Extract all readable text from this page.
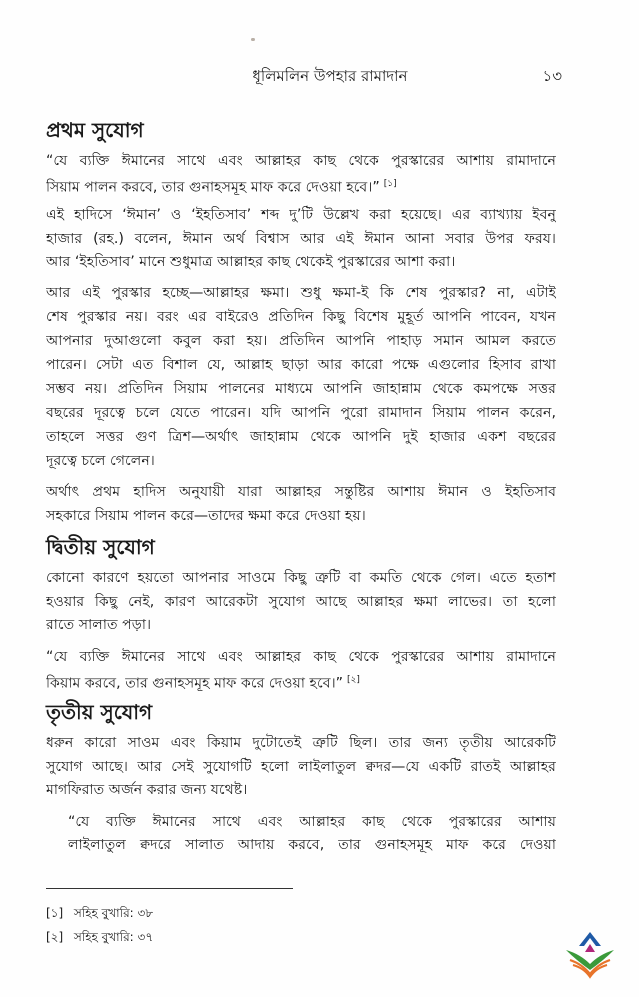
ধূলিমলিন উপহার রামাদান	১৩
প্রথম সুযোগ
“যে ব্যক্তি ঈমানের সাথে এবং আল্লাহর কাছ থেকে পুরস্কারের আশায় রামাদানে
সিয়াম পালন করবে, তার গুনাহসমূহ মাফ করে দেওয়া হবে।” [১]
এই হাদিসে ‘ঈমান’ ও ‘ইহতিসাব’ শব্দ দু’টি উল্লেখ করা হয়েছে। এর ব্যাখ্যায় ইবনু
হাজার (রহ.) বলেন, ঈমান অর্থ বিশ্বাস আর এই ঈমান আনা সবার উপর ফরয।
আর ‘ইহতিসাব’ মানে শুধুমাত্র আল্লাহর কাছ থেকেই পুরস্কারের আশা করা।
আর এই পুরস্কার হচ্ছে—আল্লাহর ক্ষমা। শুধু ক্ষমা-ই কি শেষ পুরস্কার? না, এটাই
শেষ পুরস্কার নয়। বরং এর বাইরেও প্রতিদিন কিছু বিশেষ মুহূর্ত আপনি পাবেন, যখন
আপনার দুআগুলো কবুল করা হয়। প্রতিদিন আপনি পাহাড় সমান আমল করতে
পারেন। সেটা এত বিশাল যে, আল্লাহ ছাড়া আর কারো পক্ষে এগুলোর হিসাব রাখা
সম্ভব নয়। প্রতিদিন সিয়াম পালনের মাধ্যমে আপনি জাহান্নাম থেকে কমপক্ষে সত্তর
বছরের দূরত্বে চলে যেতে পারেন। যদি আপনি পুরো রামাদান সিয়াম পালন করেন,
তাহলে সত্তর গুণ ত্রিশ—অর্থাৎ জাহান্নাম থেকে আপনি দুই হাজার একশ বছরের
দূরত্বে চলে গেলেন।
অর্থাৎ প্রথম হাদিস অনুযায়ী যারা আল্লাহর সন্তুষ্টির আশায় ঈমান ও ইহতিসাব
সহকারে সিয়াম পালন করে—তাদের ক্ষমা করে দেওয়া হয়।
দ্বিতীয় সুযোগ
কোনো কারণে হয়তো আপনার সাওমে কিছু ত্রুটি বা কমতি থেকে গেল। এতে হতাশ
হওয়ার কিছু নেই, কারণ আরেকটা সুযোগ আছে আল্লাহর ক্ষমা লাভের। তা হলো
রাতে সালাত পড়া।
“যে ব্যক্তি ঈমানের সাথে এবং আল্লাহর কাছ থেকে পুরস্কারের আশায় রামাদানে
কিয়াম করবে, তার গুনাহসমূহ মাফ করে দেওয়া হবে।” [২]
তৃতীয় সুযোগ
ধরুন কারো সাওম এবং কিয়াম দুটোতেই ত্রুটি ছিল। তার জন্য তৃতীয় আরেকটি
সুযোগ আছে। আর সেই সুযোগটি হলো লাইলাতুল ক্বদর—যে একটি রাতই আল্লাহর
মাগফিরাত অর্জন করার জন্য যথেষ্ট।
“যে ব্যক্তি ঈমানের সাথে এবং আল্লাহর কাছ থেকে পুরস্কারের আশায়
লাইলাতুল ক্বদরে সালাত আদায় করবে, তার গুনাহসমূহ মাফ করে দেওয়া
[১] সহিহ বুখারি: ৩৮
[২] সহিহ বুখারি: ৩৭
